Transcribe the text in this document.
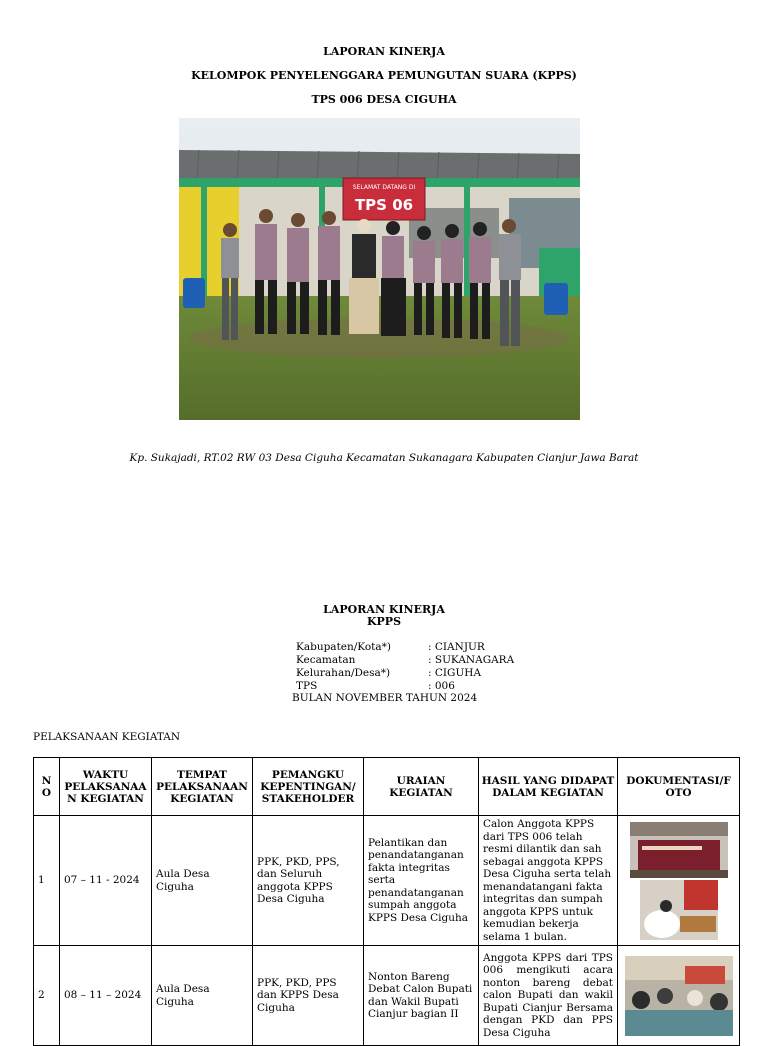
LAPORAN KINERJA
KELOMPOK PENYELENGGARA PEMUNGUTAN SUARA (KPPS)
TPS 006 DESA CIGUHA
SELAMAT DATANG DI
TPS 06
Kp. Sukajadi, RT.02 RW 03 Desa Ciguha Kecamatan Sukanagara Kabupaten Cianjur Jawa Barat
LAPORAN KINERJA
KPPS
Kabupaten/Kota*)	: CIANJUR
Kecamatan	: SUKANAGARA
Kelurahan/Desa*)	: CIGUHA
TPS	: 006
BULAN NOVEMBER TAHUN 2024
PELAKSANAAN KEGIATAN
N O	WAKTU PELAKSANAA N KEGIATAN	TEMPAT PELAKSANAAN KEGIATAN	PEMANGKU KEPENTINGAN/ STAKEHOLDER	URAIAN KEGIATAN	HASIL YANG DIDAPAT DALAM KEGIATAN	DOKUMENTASI/F OTO
1	07 – 11 - 2024	Aula Desa Ciguha	PPK, PKD, PPS, dan Seluruh anggota KPPS Desa Ciguha	Pelantikan dan penandatanganan fakta integritas serta penandatanganan sumpah anggota KPPS Desa Ciguha	Calon Anggota KPPS dari TPS 006 telah resmi dilantik dan sah sebagai anggota KPPS Desa Ciguha serta telah menandatangani fakta integritas dan sumpah anggota KPPS untuk kemudian bekerja selama 1 bulan.	

2	08 – 11 – 2024	Aula Desa Ciguha	PPK, PKD, PPS dan KPPS Desa Ciguha	Nonton Bareng Debat Calon Bupati dan Wakil Bupati Cianjur bagian II	Anggota KPPS dari TPS 006 mengikuti acara nonton bareng debat calon Bupati dan wakil Bupati Cianjur Bersama dengan PKD dan PPS Desa Ciguha	
